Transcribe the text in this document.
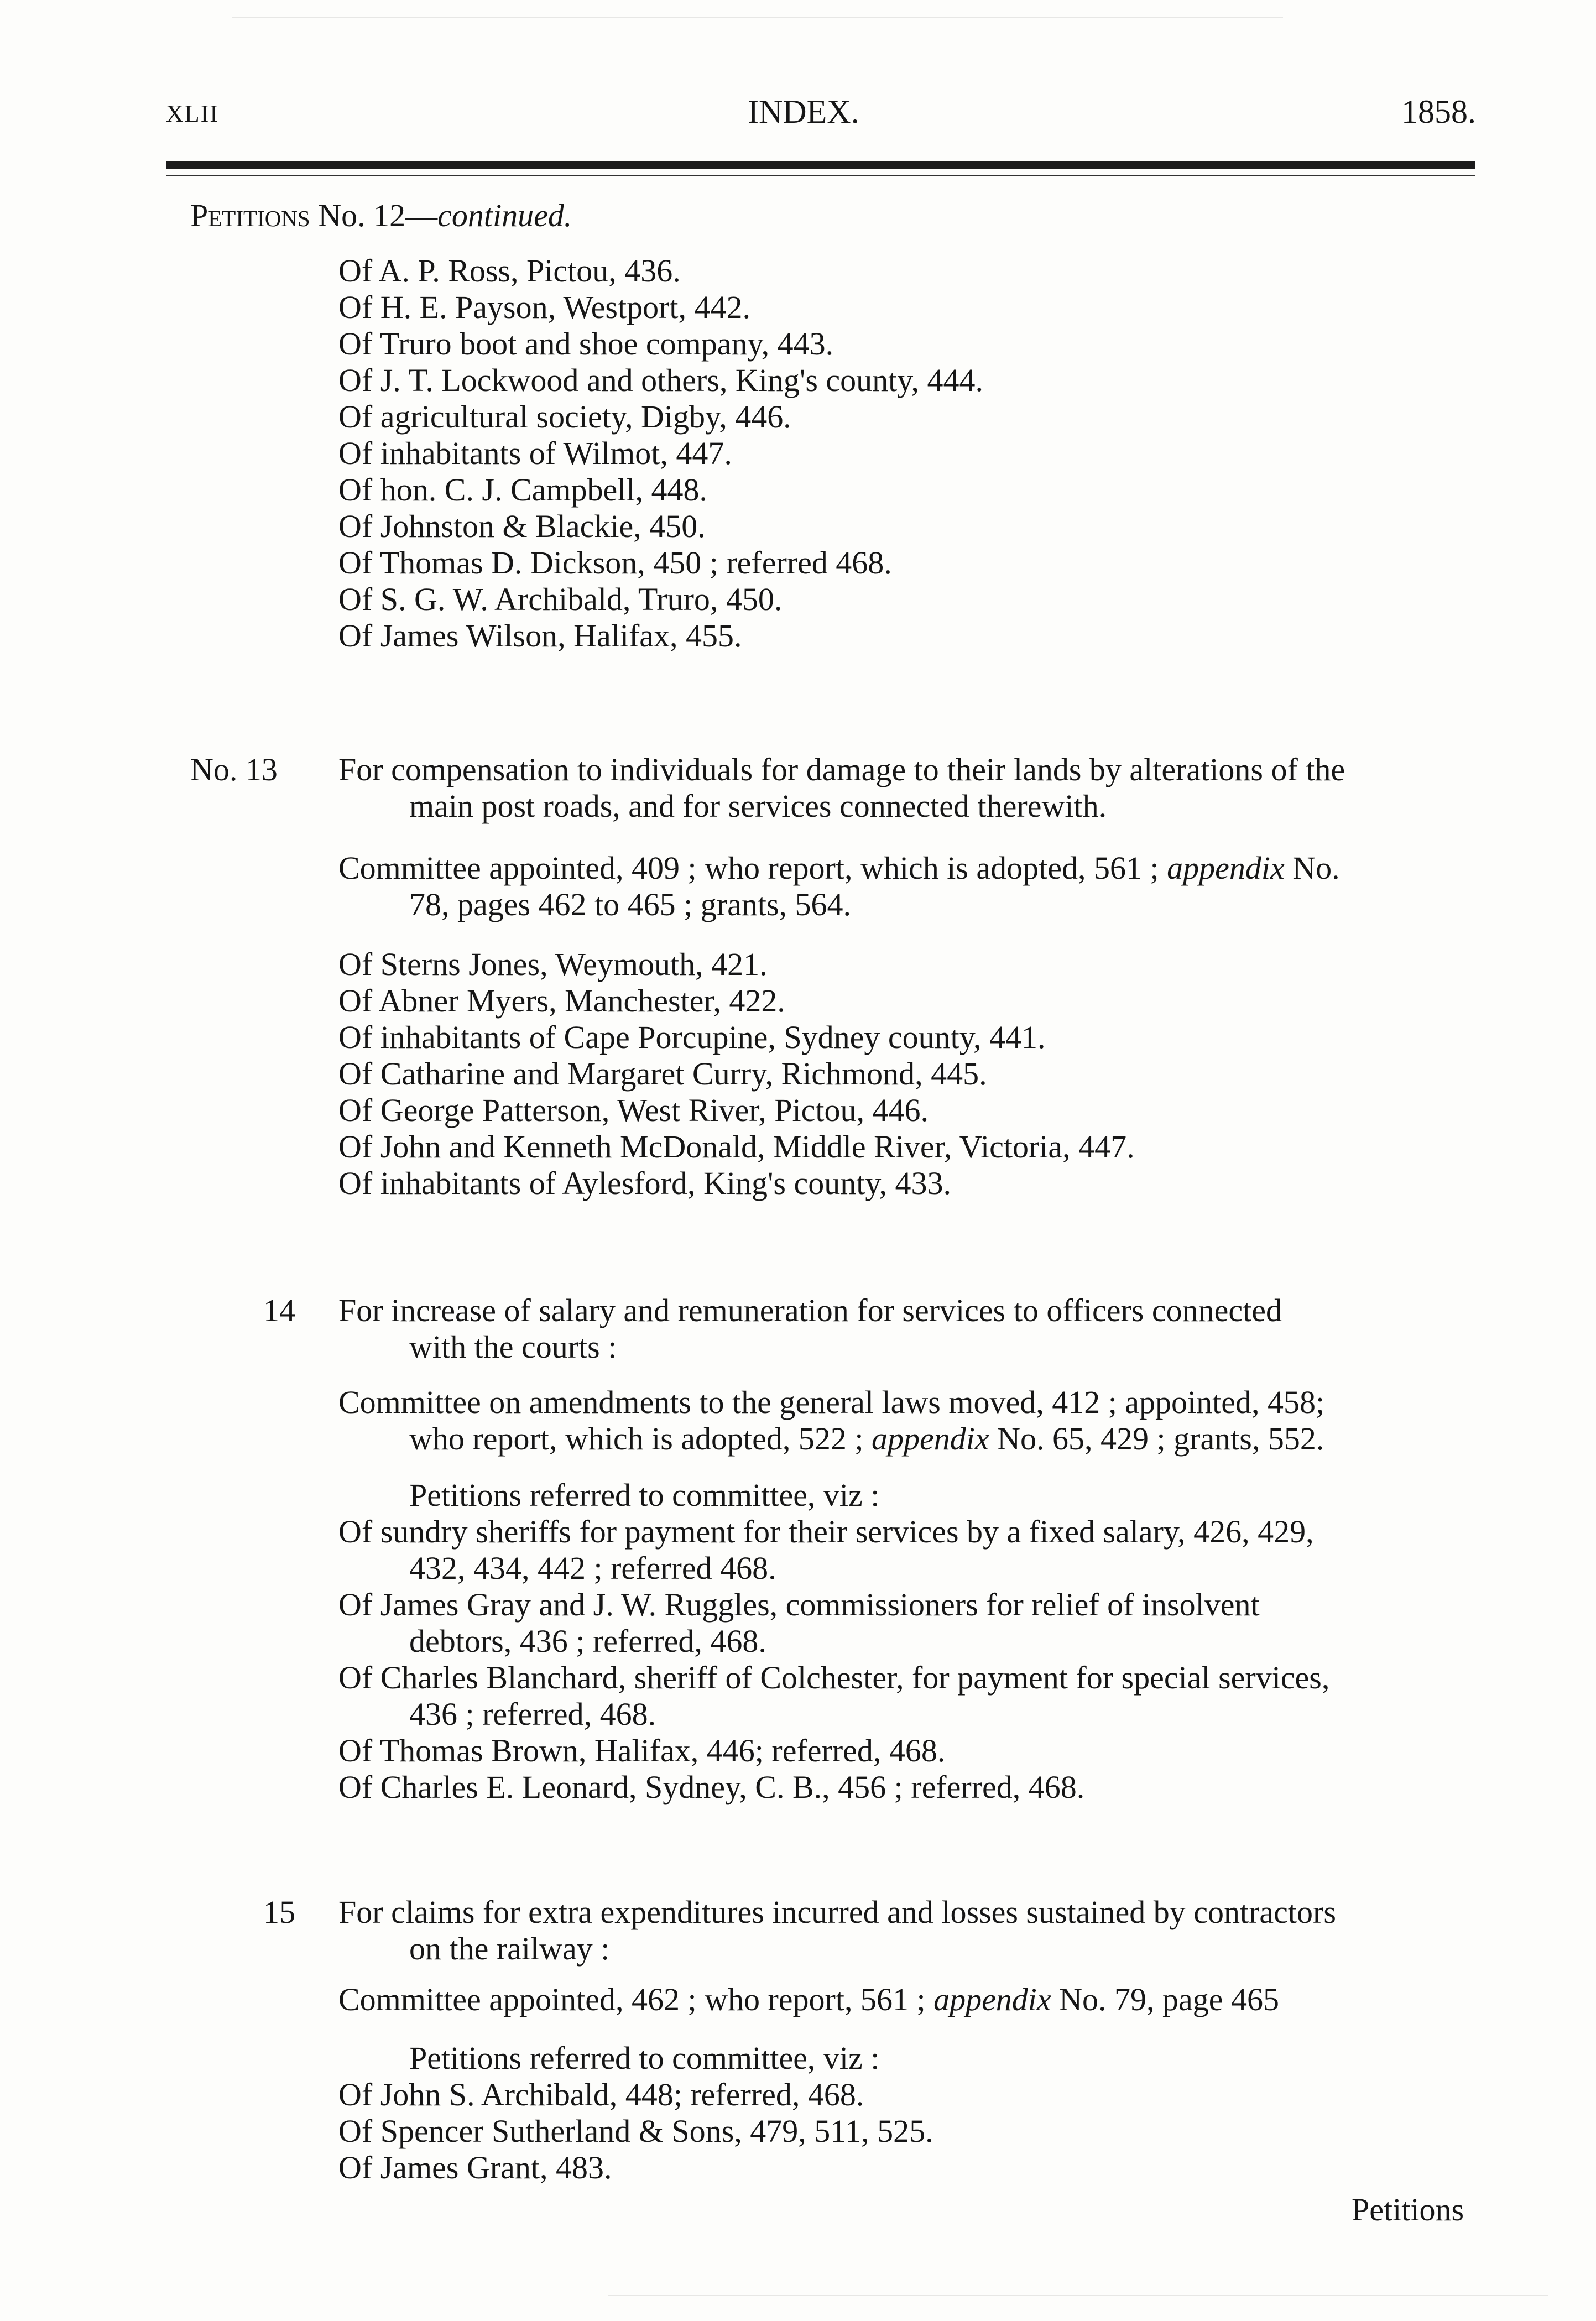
XLII	INDEX.	1858.
Petitions No. 12—continued.
Of A. P. Ross, Pictou, 436.
Of H. E. Payson, Westport, 442.
Of Truro boot and shoe company, 443.
Of J. T. Lockwood and others, King's county, 444.
Of agricultural society, Digby, 446.
Of inhabitants of Wilmot, 447.
Of hon. C. J. Campbell, 448.
Of Johnston & Blackie, 450.
Of Thomas D. Dickson, 450 ; referred 468.
Of S. G. W. Archibald, Truro, 450.
Of James Wilson, Halifax, 455.
No. 13 For compensation to individuals for damage to their lands by alterations of the
main post roads, and for services connected therewith.
Committee appointed, 409 ; who report, which is adopted, 561 ; appendix No.
78, pages 462 to 465 ; grants, 564.
Of Sterns Jones, Weymouth, 421.
Of Abner Myers, Manchester, 422.
Of inhabitants of Cape Porcupine, Sydney county, 441.
Of Catharine and Margaret Curry, Richmond, 445.
Of George Patterson, West River, Pictou, 446.
Of John and Kenneth McDonald, Middle River, Victoria, 447.
Of inhabitants of Aylesford, King's county, 433.
14 For increase of salary and remuneration for services to officers connected
with the courts :
Committee on amendments to the general laws moved, 412 ; appointed, 458;
who report, which is adopted, 522 ; appendix No. 65, 429 ; grants, 552.
Petitions referred to committee, viz :
Of sundry sheriffs for payment for their services by a fixed salary, 426, 429,
432, 434, 442 ; referred 468.
Of James Gray and J. W. Ruggles, commissioners for relief of insolvent
debtors, 436 ; referred, 468.
Of Charles Blanchard, sheriff of Colchester, for payment for special services,
436 ; referred, 468.
Of Thomas Brown, Halifax, 446; referred, 468.
Of Charles E. Leonard, Sydney, C. B., 456 ; referred, 468.
15 For claims for extra expenditures incurred and losses sustained by contractors
on the railway :
Committee appointed, 462 ; who report, 561 ; appendix No. 79, page 465
Petitions referred to committee, viz :
Of John S. Archibald, 448; referred, 468.
Of Spencer Sutherland & Sons, 479, 511, 525.
Of James Grant, 483.
Petitions
